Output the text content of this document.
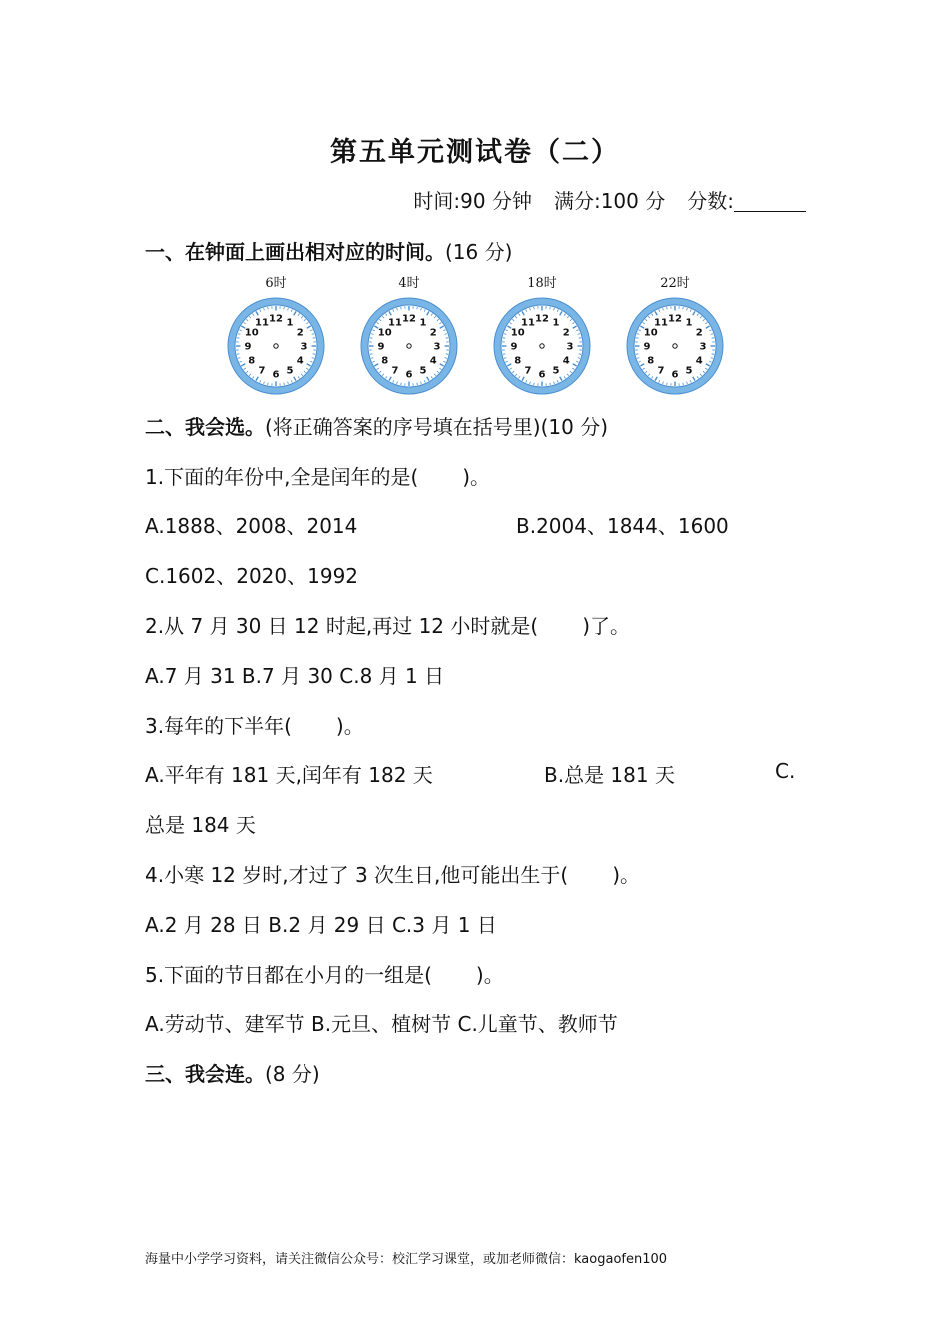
第五单元测试卷（二）
时间:90 分钟 满分:100 分 分数:
一、在钟面上画出相对应的时间。(16 分)
6时
12 1
2
3
4
5
6
7
8
9
10
11
4时
12 1
2
3
4
5
6
7
8
9
10
11
18时
12 1
2
3
4
5
6
7
8
9
10
11
22时
12 1
2
3
4
5
6
7
8
9
10
11
二、我会选。(将正确答案的序号填在括号里)(10 分)
1.下面的年份中,全是闰年的是( )。
A.1888、2008、2014	B.2004、1844、1600
C.1602、2020、1992
2.从 7 月 30 日 12 时起,再过 12 小时就是( )了。
A.7 月 31 B.7 月 30 C.8 月 1 日
3.每年的下半年( )。
A.平年有 181 天,闰年有 182 天	B.总是 181 天	C.
总是 184 天
4.小寒 12 岁时,才过了 3 次生日,他可能出生于( )。
A.2 月 28 日 B.2 月 29 日 C.3 月 1 日
5.下面的节日都在小月的一组是( )。
A.劳动节、建军节 B.元旦、植树节 C.儿童节、教师节
三、我会连。(8 分)
海量中小学学习资料，请关注微信公众号：校汇学习课堂，或加老师微信：kaogaofen100
